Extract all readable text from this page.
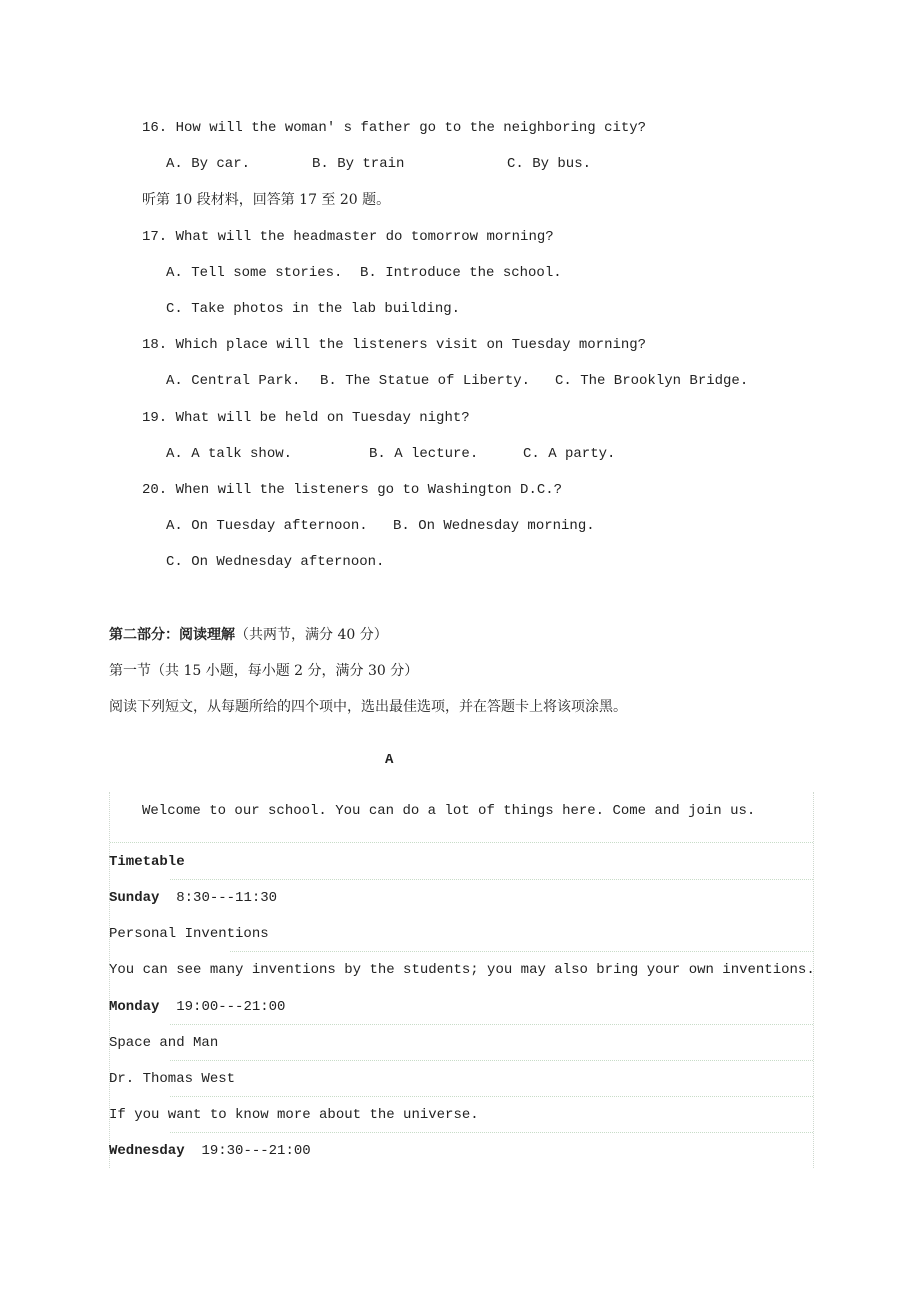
16. How will the woman' s father go to the neighboring city?
A. By car.	B. By train	C. By bus.
听第 10 段材料，回答第 17 至 20 题。
17. What will the headmaster do tomorrow morning?
A. Tell some stories. B. Introduce the school.
C. Take photos in the lab building.
18. Which place will the listeners visit on Tuesday morning?
A. Central Park. B. The Statue of Liberty. C. The Brooklyn Bridge.
19. What will be held on Tuesday night?
A. A talk show.	B. A lecture.	C. A party.
20. When will the listeners go to Washington D.C.?
A. On Tuesday afternoon. B. On Wednesday morning.
C. On Wednesday afternoon.
第二部分：阅读理解（共两节，满分 40 分）
第一节（共 15 小题，每小题 2 分，满分 30 分）
阅读下列短文，从每题所给的四个项中，选出最佳选项，并在答题卡上将该项涂黑。
A
Welcome to our school. You can do a lot of things here. Come and join us.
Timetable
Sunday 8:30---11:30
Personal Inventions
You can see many inventions by the students; you may also bring your own inventions.
Monday 19:00---21:00
Space and Man
Dr. Thomas West
If you want to know more about the universe.
Wednesday 19:30---21:00
